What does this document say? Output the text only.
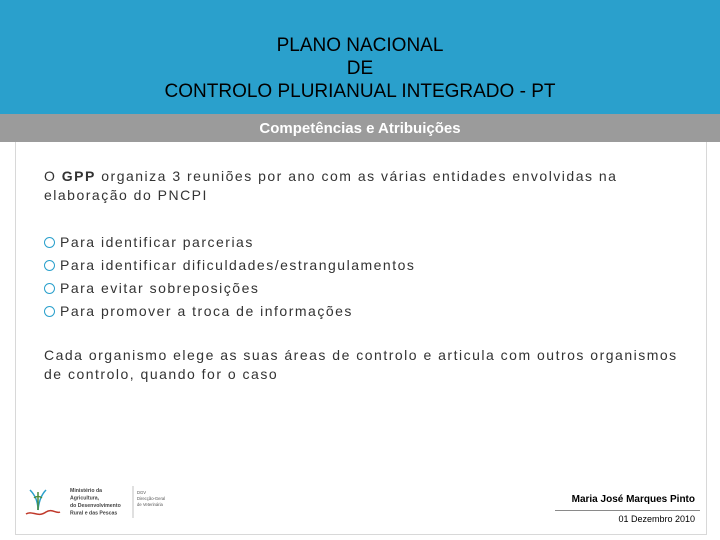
PLANO NACIONAL
DE
CONTROLO PLURIANUAL INTEGRADO - PT
Competências e Atribuições
O GPP organiza 3 reuniões por ano com as várias entidades envolvidas na elaboração do PNCPI
Para identificar parcerias
Para identificar dificuldades/estrangulamentos
Para evitar sobreposições
Para promover a troca de informações
Cada organismo elege as suas áreas de controlo e articula com outros organismos de controlo, quando for o caso
Ministério da
Agricultura,
do Desenvolvimento
Rural e das Pescas
DGV
Direcção-Geral
de Veterinária	Maria José Marques Pinto
01 Dezembro 2010
